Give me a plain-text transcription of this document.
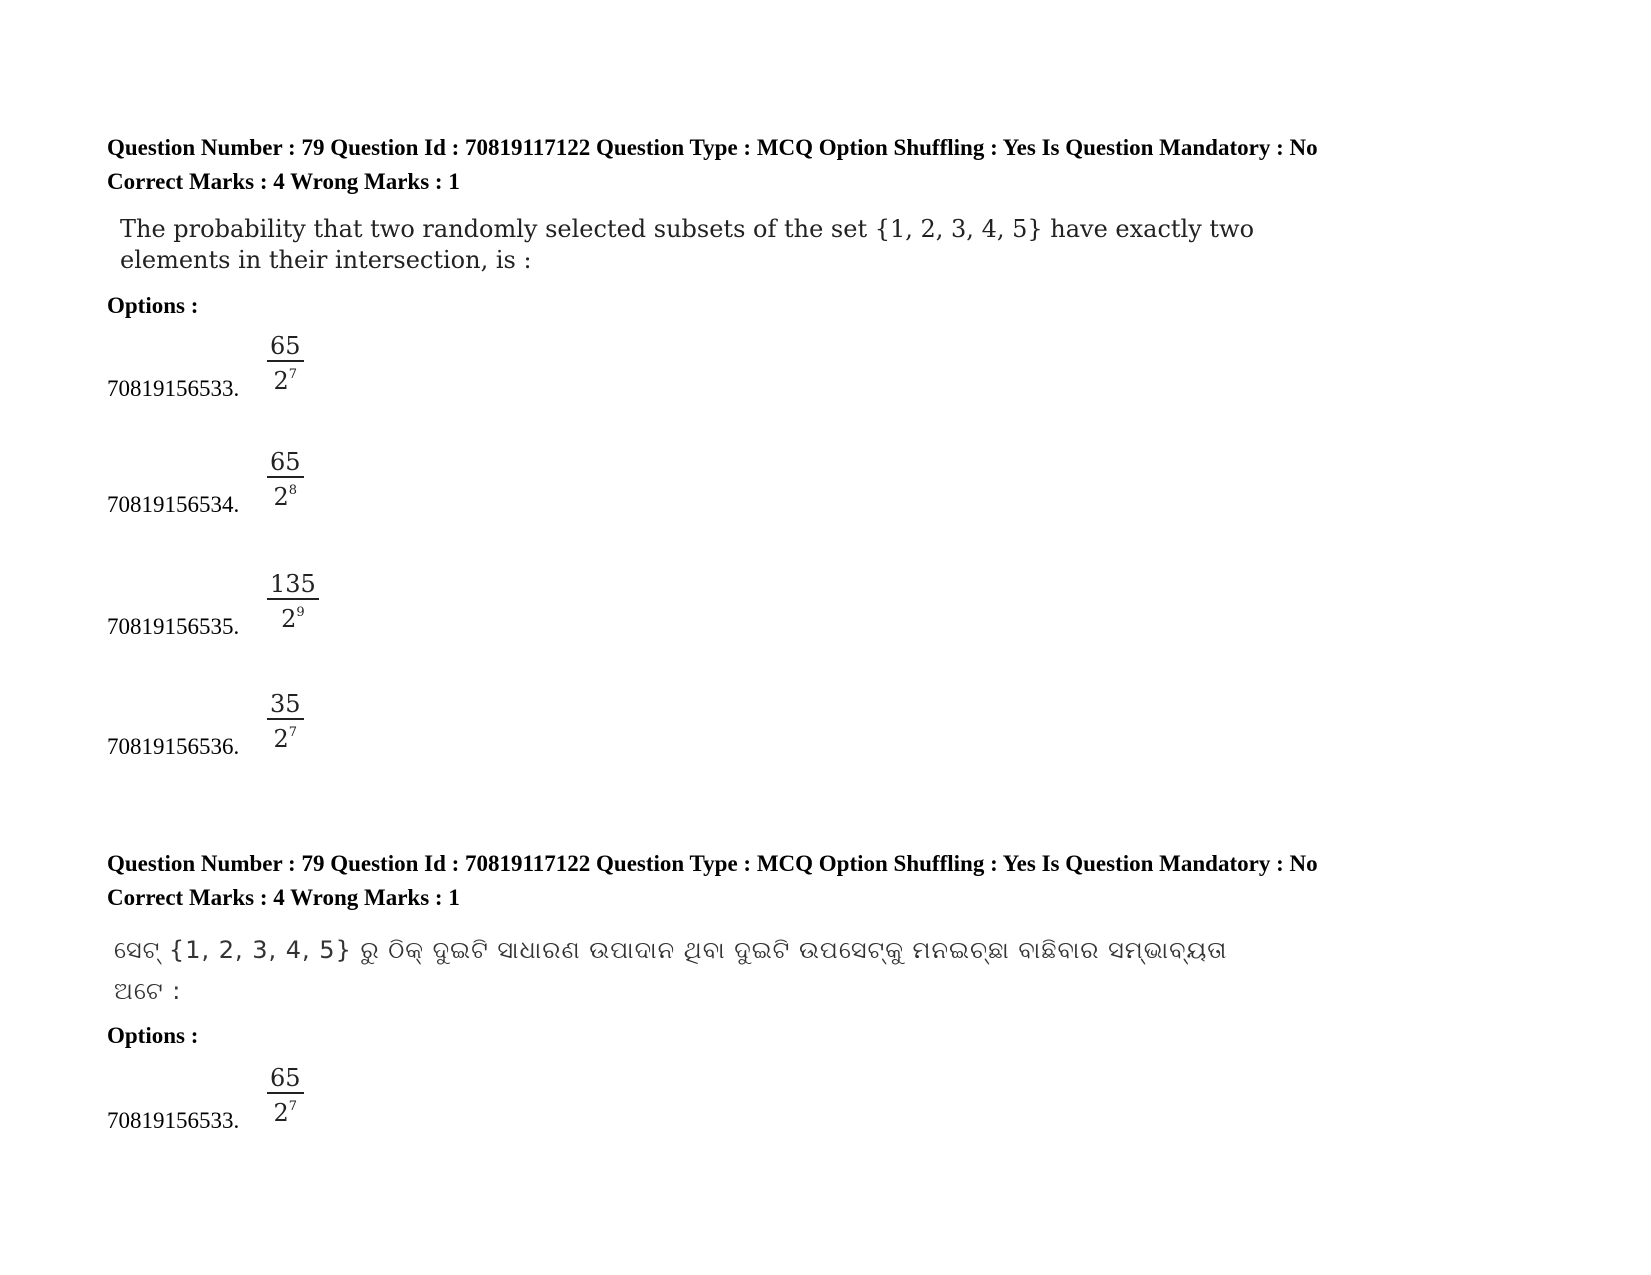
Question Number : 79 Question Id : 70819117122 Question Type : MCQ Option Shuffling : Yes Is Question Mandatory : No
Correct Marks : 4 Wrong Marks : 1
The probability that two randomly selected subsets of the set {1, 2, 3, 4, 5} have exactly two
elements in their intersection, is :
Options :
70819156533.
65
$2^7$
70819156534.
65
$2^8$
70819156535.
135
$2^9$
70819156536.
35
$2^7$
Question Number : 79 Question Id : 70819117122 Question Type : MCQ Option Shuffling : Yes Is Question Mandatory : No
Correct Marks : 4 Wrong Marks : 1
ସେଟ୍ {1, 2, 3, 4, 5} ରୁ ଠିକ୍ ଦୁଇଟି ସାଧାରଣ ଉପାଦାନ ଥିବା ଦୁଇଟି ଉପସେଟ୍‌କୁ ମନଇଚ୍ଛା ବାଛିବାର ସମ୍ଭାବ୍ୟତା
ଅଟେ :
Options :
70819156533.
65
$2^7$
